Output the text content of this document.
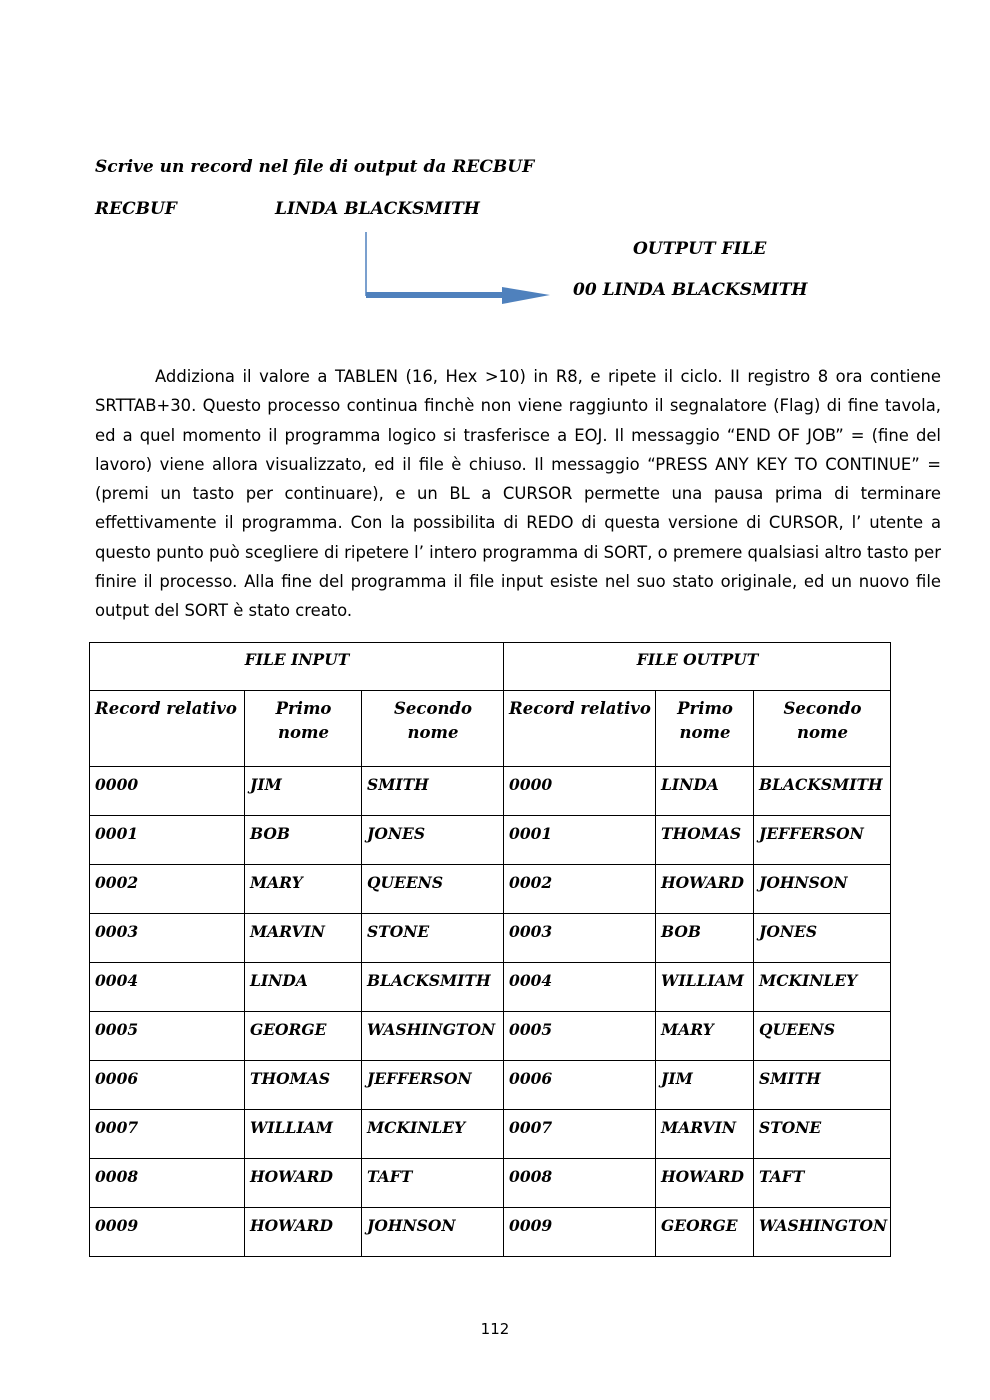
Scrive un record nel file di output da RECBUF
RECBUF	LINDA BLACKSMITH
OUTPUT FILE
00 LINDA BLACKSMITH

Addiziona il valore a TABLEN (16, Hex >10) in R8, e ripete il ciclo. II registro 8 ora contiene SRTTAB+30. Questo processo continua finchè non viene raggiunto il segnalatore (Flag) di fine tavola, ed a quel momento il programma logico si trasferisce a EOJ. Il messaggio “END OF JOB” = (fine del lavoro) viene allora visualizzato, ed il file è chiuso. Il messaggio “PRESS ANY KEY TO CONTINUE” = (premi un tasto per continuare), e un BL a CURSOR permette una pausa prima di terminare effettivamente il programma. Con la possibilita di REDO di questa versione di CURSOR, l’ utente a questo punto può scegliere di ripetere l’ intero programma di SORT, o premere qualsiasi altro tasto per finire il processo. Alla fine del programma il file input esiste nel suo stato originale, ed un nuovo file output del SORT è stato creato.

FILE INPUT			FILE OUTPUT		
Record relativo	Primo nome	Secondo nome	Record relativo	Primo nome	Secondo nome
0000	JIM	SMITH	0000	LINDA	BLACKSMITH
0001	BOB	JONES	0001	THOMAS	JEFFERSON
0002	MARY	QUEENS	0002	HOWARD	JOHNSON
0003	MARVIN	STONE	0003	BOB	JONES
0004	LINDA	BLACKSMITH	0004	WILLIAM	MCKINLEY
0005	GEORGE	WASHINGTON	0005	MARY	QUEENS
0006	THOMAS	JEFFERSON	0006	JIM	SMITH
0007	WILLIAM	MCKINLEY	0007	MARVIN	STONE
0008	HOWARD	TAFT	0008	HOWARD	TAFT
0009	HOWARD	JOHNSON	0009	GEORGE	WASHINGTON
112
